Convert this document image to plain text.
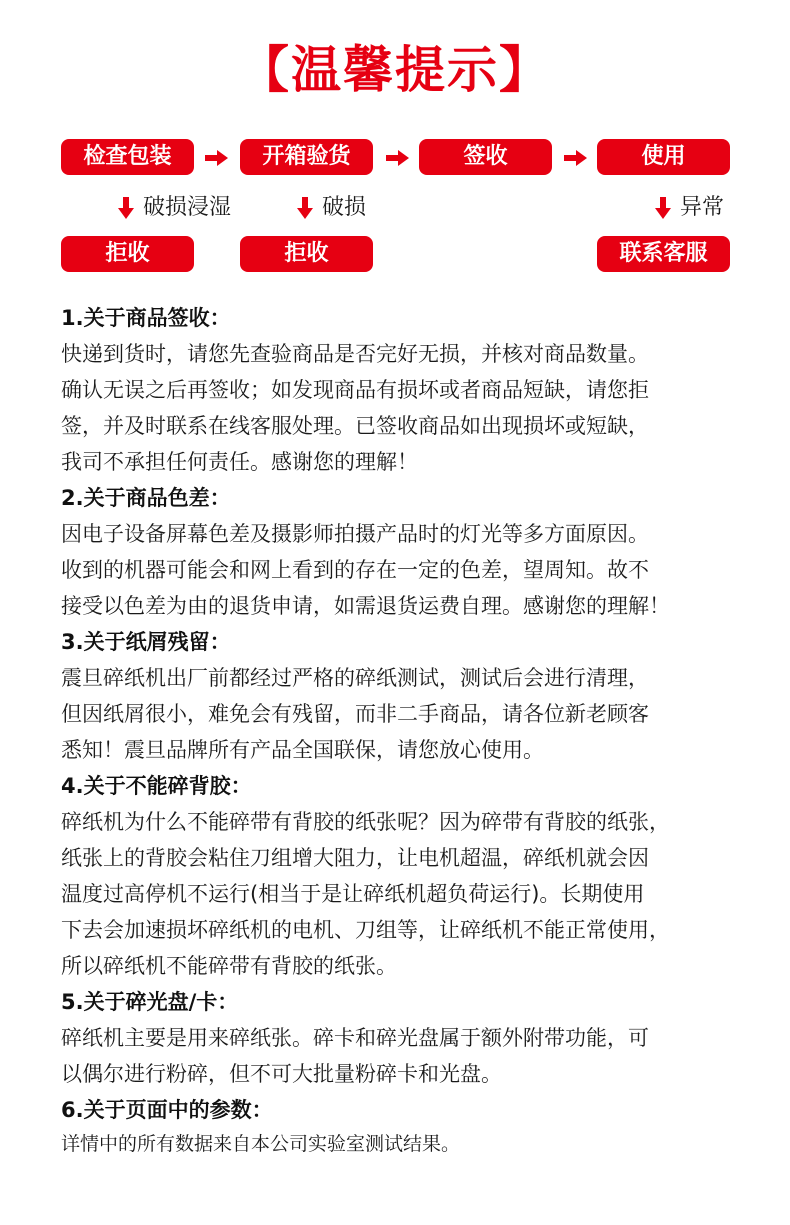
【温馨提示】
检查包装	开箱验货	签收	使用
破损浸湿	破损	异常
拒收	拒收	联系客服
1.关于商品签收：
快递到货时，请您先查验商品是否完好无损，并核对商品数量。
确认无误之后再签收；如发现商品有损坏或者商品短缺，请您拒
签，并及时联系在线客服处理。已签收商品如出现损坏或短缺，
我司不承担任何责任。感谢您的理解！
2.关于商品色差：
因电子设备屏幕色差及摄影师拍摄产品时的灯光等多方面原因。
收到的机器可能会和网上看到的存在一定的色差，望周知。故不
接受以色差为由的退货申请，如需退货运费自理。感谢您的理解！
3.关于纸屑残留：
震旦碎纸机出厂前都经过严格的碎纸测试，测试后会进行清理，
但因纸屑很小，难免会有残留，而非二手商品，请各位新老顾客
悉知！震旦品牌所有产品全国联保，请您放心使用。
4.关于不能碎背胶：
碎纸机为什么不能碎带有背胶的纸张呢？因为碎带有背胶的纸张，
纸张上的背胶会粘住刀组增大阻力，让电机超温，碎纸机就会因
温度过高停机不运行(相当于是让碎纸机超负荷运行)。长期使用
下去会加速损坏碎纸机的电机、刀组等，让碎纸机不能正常使用，
所以碎纸机不能碎带有背胶的纸张。
5.关于碎光盘/卡：
碎纸机主要是用来碎纸张。碎卡和碎光盘属于额外附带功能，可
以偶尔进行粉碎，但不可大批量粉碎卡和光盘。
6.关于页面中的参数：
详情中的所有数据来自本公司实验室测试结果。
